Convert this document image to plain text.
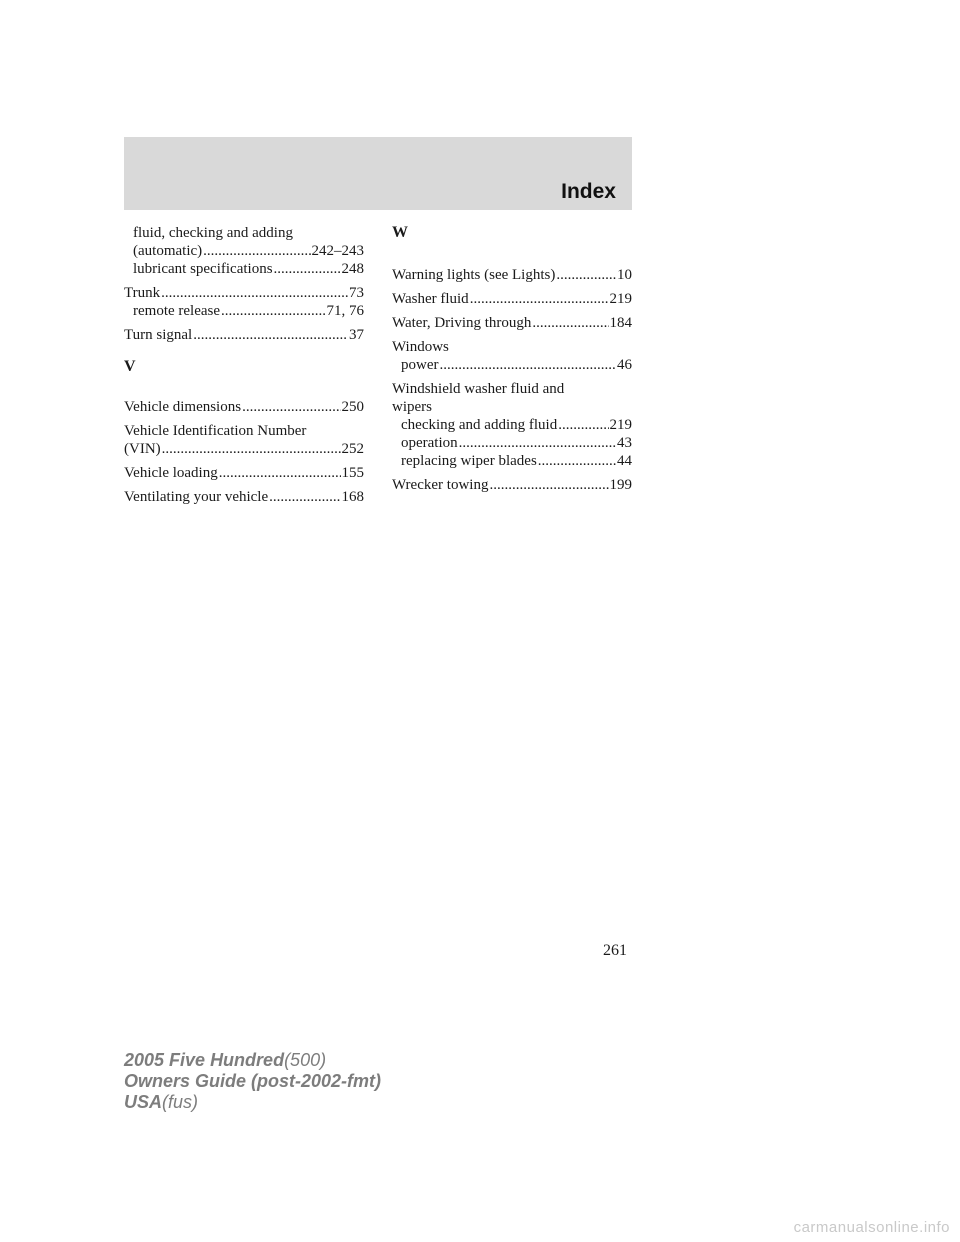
Index
fluid, checking and adding
(automatic) .....	242–243
lubricant specifications .....	248
Trunk .....	73
remote release .....	71, 76
Turn signal .....	37
V
Vehicle dimensions .....	250
Vehicle Identification Number
(VIN) .....	252
Vehicle loading .....	155
Ventilating your vehicle .....	168
W
Warning lights (see Lights) .....	10
Washer fluid .....	219
Water, Driving through .....	184
Windows
power .....	46
Windshield washer fluid and
wipers
checking and adding fluid .....	219
operation .....	43
replacing wiper blades .....	44
Wrecker towing .....	199
261
2005 Five Hundred(500)
Owners Guide (post-2002-fmt)
USA(fus)
carmanualsonline.info
